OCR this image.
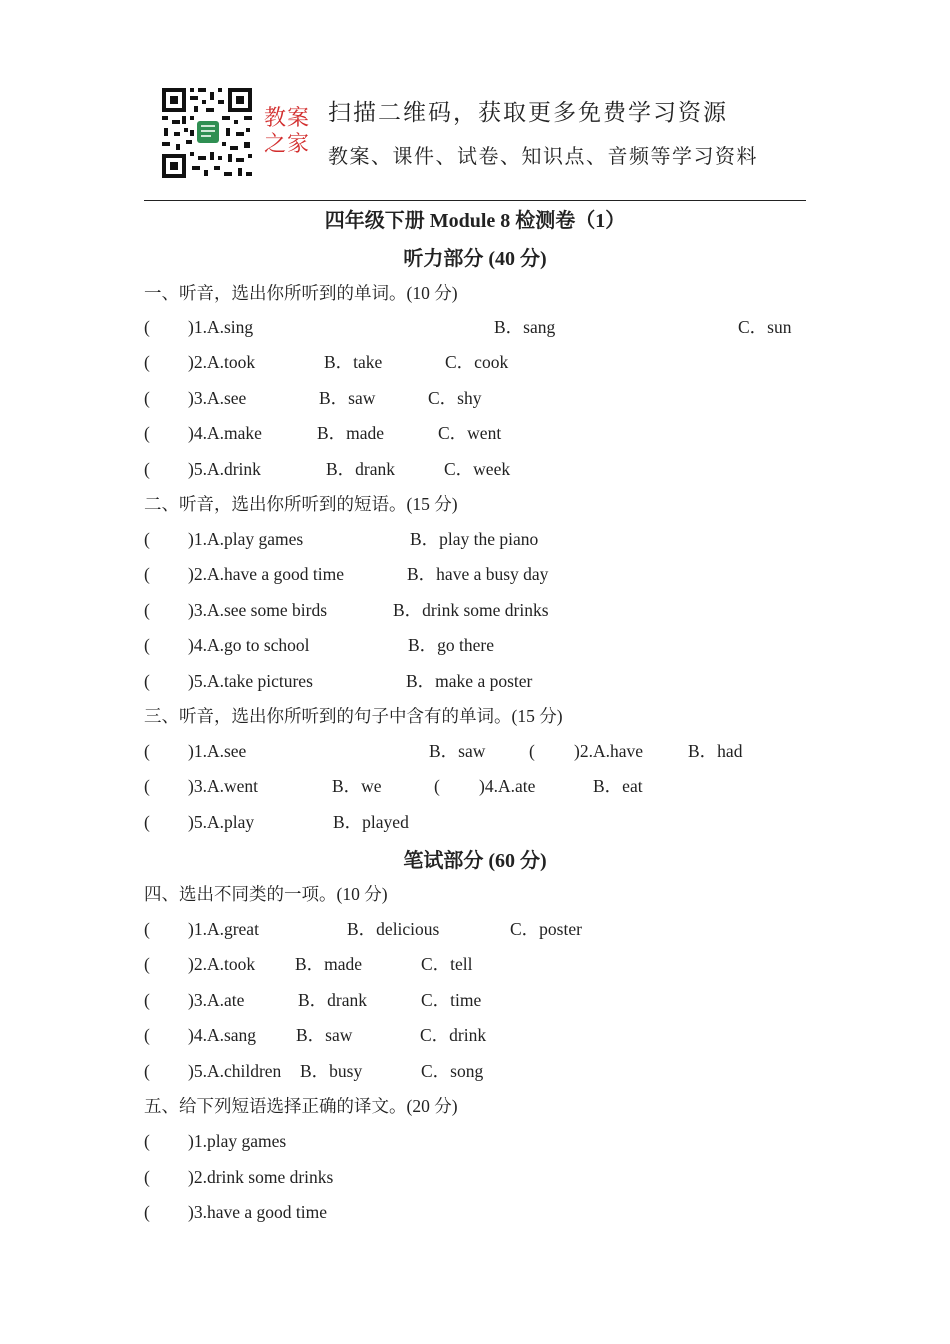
教案
之家
扫描二维码，获取更多免费学习资源
教案、课件、试卷、知识点、音频等学习资料
四年级下册 Module 8 检测卷（1）
听力部分 (40 分)
一、听音，选出你所听到的单词。(10 分)
( )1.A.sing	B．sang	C．sun
( )2.A.took	B．take	C．cook
( )3.A.see	B．saw	C．shy
( )4.A.make	B．made	C．went
( )5.A.drink	B．drank	C．week
二、听音，选出你所听到的短语。(15 分)
( )1.A.play games	B．play the piano
( )2.A.have a good time	B．have a busy day
( )3.A.see some birds	B．drink some drinks
( )4.A.go to school	B．go there
( )5.A.take pictures	B．make a poster
三、听音，选出你所听到的句子中含有的单词。(15 分)
( )1.A.see	B．saw ( )2.A.have	B．had
( )3.A.went	B．we	( )4.A.ate	B．eat
( )5.A.play	B．played
笔试部分 (60 分)
四、选出不同类的一项。(10 分)
( )1.A.great	B．delicious	C．poster
( )2.A.took B．made	C．tell
( )3.A.ate	B．drank	C．time
( )4.A.sang B．saw	C．drink
( )5.A.children B．busy	C．song
五、给下列短语选择正确的译文。(20 分)
( )1.play games
( )2.drink some drinks
( )3.have a good time
